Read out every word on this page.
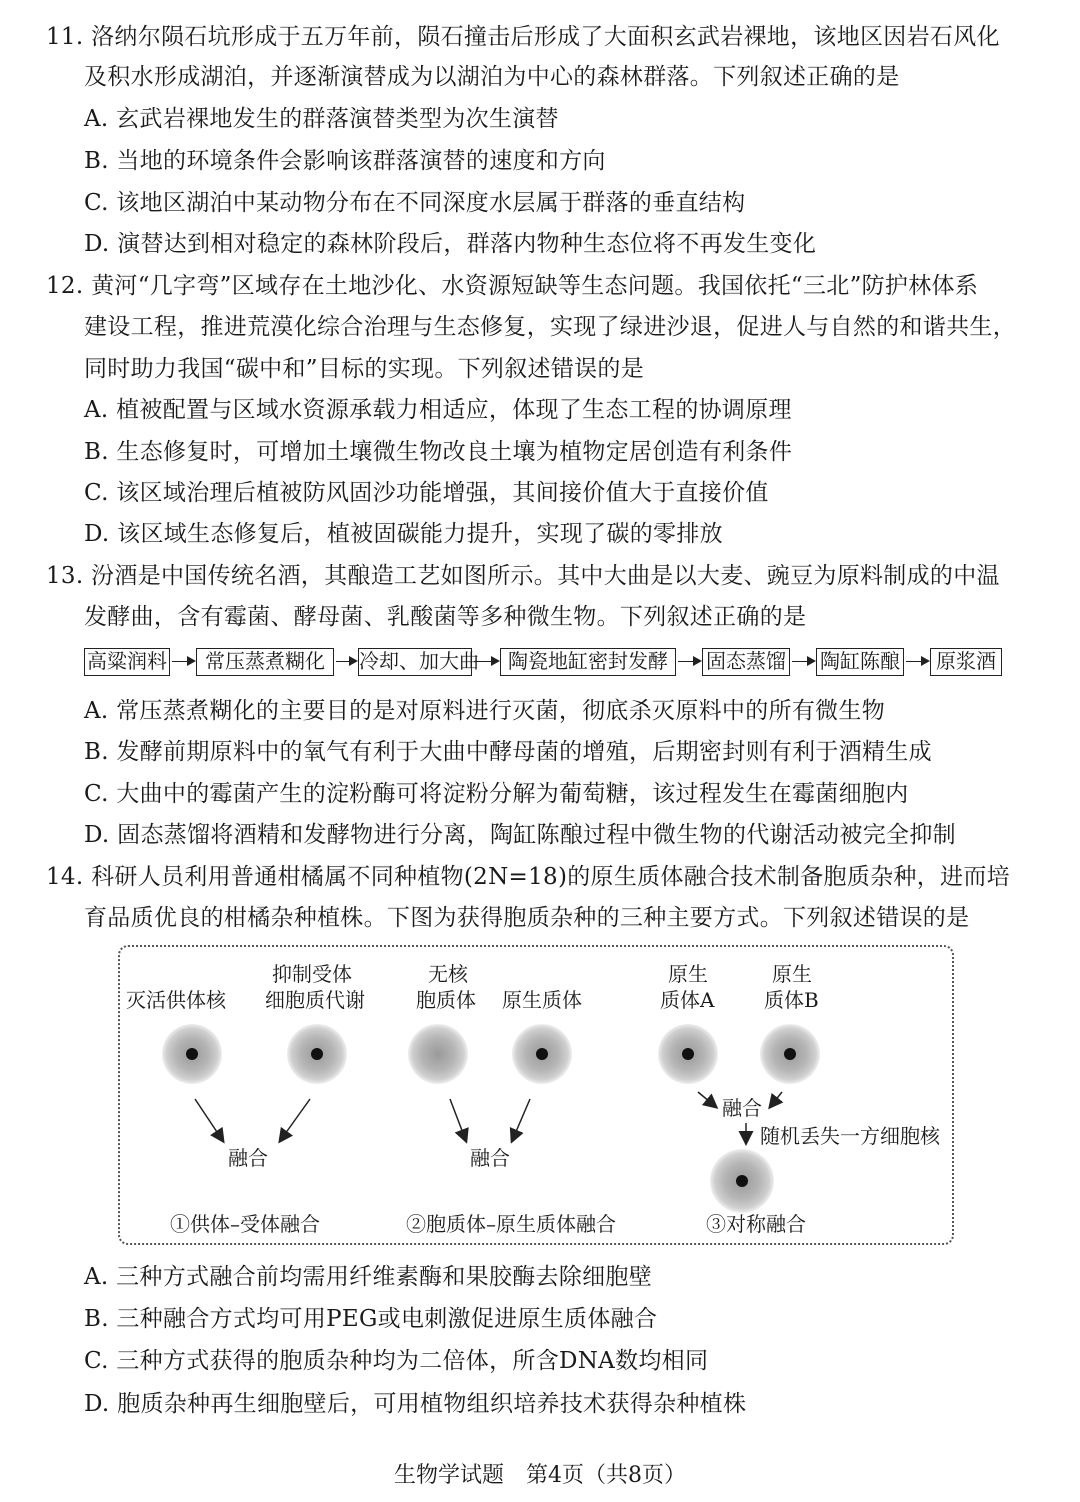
11. 洛纳尔陨石坑形成于五万年前，陨石撞击后形成了大面积玄武岩裸地，该地区因岩石风化
及积水形成湖泊，并逐渐演替成为以湖泊为中心的森林群落。下列叙述正确的是
A. 玄武岩裸地发生的群落演替类型为次生演替
B. 当地的环境条件会影响该群落演替的速度和方向
C. 该地区湖泊中某动物分布在不同深度水层属于群落的垂直结构
D. 演替达到相对稳定的森林阶段后，群落内物种生态位将不再发生变化
12. 黄河“几字弯”区域存在土地沙化、水资源短缺等生态问题。我国依托“三北”防护林体系
建设工程，推进荒漠化综合治理与生态修复，实现了绿进沙退，促进人与自然的和谐共生，
同时助力我国“碳中和”目标的实现。下列叙述错误的是
A. 植被配置与区域水资源承载力相适应，体现了生态工程的协调原理
B. 生态修复时，可增加土壤微生物改良土壤为植物定居创造有利条件
C. 该区域治理后植被防风固沙功能增强，其间接价值大于直接价值
D. 该区域生态修复后，植被固碳能力提升，实现了碳的零排放
13. 汾酒是中国传统名酒，其酿造工艺如图所示。其中大曲是以大麦、豌豆为原料制成的中温
发酵曲，含有霉菌、酵母菌、乳酸菌等多种微生物。下列叙述正确的是
高粱润料	常压蒸煮糊化	冷却、加大曲	陶瓷地缸密封发酵	固态蒸馏 陶缸陈酿	原浆酒
A. 常压蒸煮糊化的主要目的是对原料进行灭菌，彻底杀灭原料中的所有微生物
B. 发酵前期原料中的氧气有利于大曲中酵母菌的增殖，后期密封则有利于酒精生成
C. 大曲中的霉菌产生的淀粉酶可将淀粉分解为葡萄糖，该过程发生在霉菌细胞内
D. 固态蒸馏将酒精和发酵物进行分离，陶缸陈酿过程中微生物的代谢活动被完全抑制
14. 科研人员利用普通柑橘属不同种植物(2N=18)的原生质体融合技术制备胞质杂种，进而培
育品质优良的柑橘杂种植株。下图为获得胞质杂种的三种主要方式。下列叙述错误的是
灭活供体核
抑制受体
细胞质代谢
无核
胞质体 原生质体
原生
质体A
原生
质体B
融合	融合
融合
随机丢失一方细胞核
①供体–受体融合	②胞质体–原生质体融合	③对称融合
A. 三种方式融合前均需用纤维素酶和果胶酶去除细胞壁
B. 三种融合方式均可用PEG或电刺激促进原生质体融合
C. 三种方式获得的胞质杂种均为二倍体，所含DNA数均相同
D. 胞质杂种再生细胞壁后，可用植物组织培养技术获得杂种植株
生物学试题　第4页（共8页）
